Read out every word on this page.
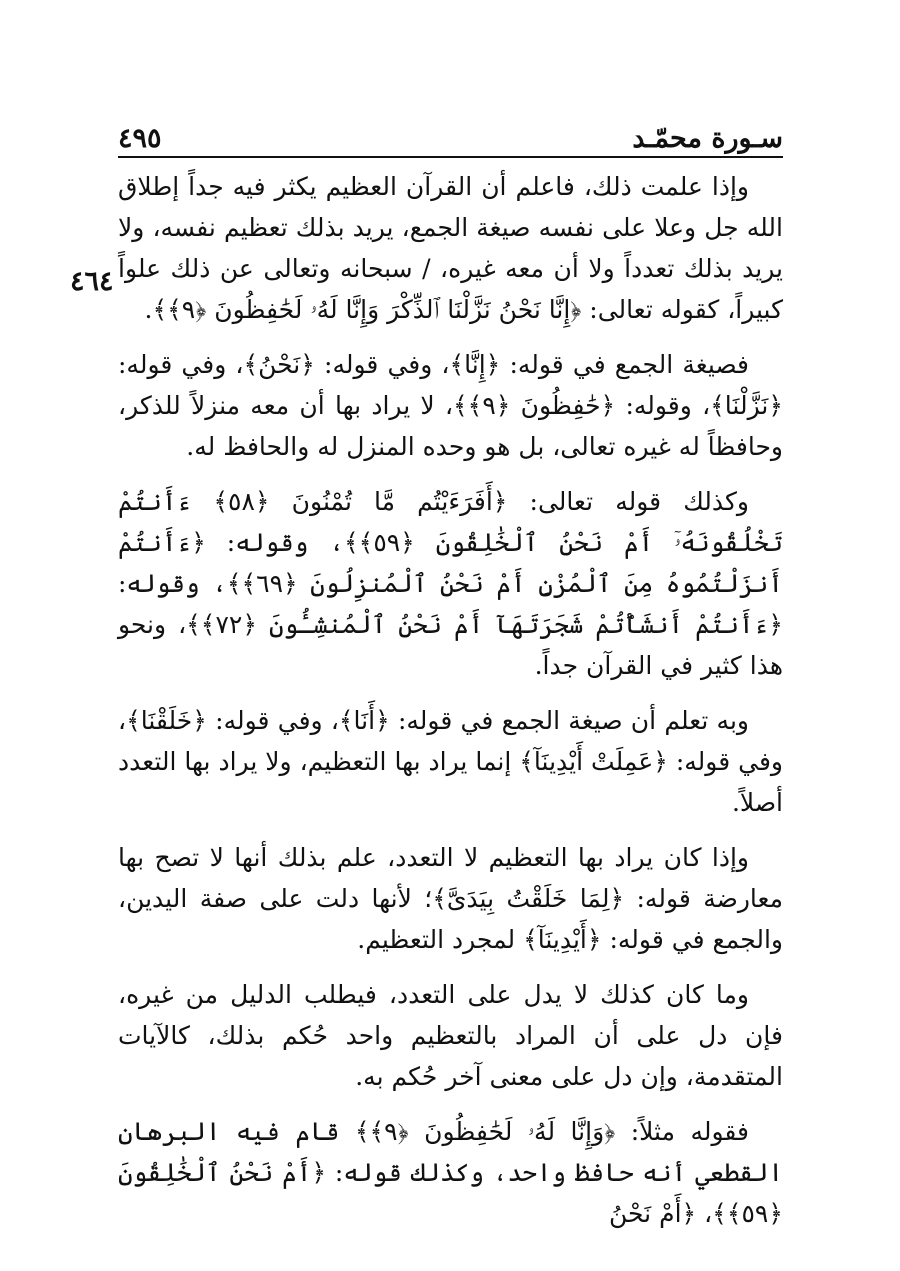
سـورة محمّـد
٤٩٥
٤٦٤

وإذا علمت ذلك، فاعلم أن القرآن العظيم يكثر فيه جداً إطلاق الله جل وعلا على نفسه صيغة الجمع، يريد بذلك تعظيم نفسه، ولا يريد بذلك تعدداً ولا أن معه غيره، / سبحانه وتعالى عن ذلك علواً كبيراً، كقوله تعالى: ﴿إِنَّا نَحْنُ نَزَّلْنَا ٱلذِّكْرَ وَإِنَّا لَهُۥ لَحَٰفِظُونَ ﴿٩﴾﴾.

فصيغة الجمع في قوله: ﴿إِنَّا﴾، وفي قوله: ﴿نَحْنُ﴾، وفي قوله: ﴿نَزَّلْنَا﴾، وقوله: ﴿حَٰفِظُونَ ﴿٩﴾﴾، لا يراد بها أن معه منزلاً للذكر، وحافظاً له غيره تعالى، بل هو وحده المنزل له والحافظ له.

وكذلك قوله تعالى: ﴿أَفَرَءَيْتُم مَّا تُمْنُونَ ﴿٥٨﴾ ءَأَنتُمْ تَخْلُقُونَهُۥٓ أَمْ نَحْنُ ٱلْخَٰلِقُونَ ﴿٥٩﴾﴾، وقوله: ﴿ءَأَنتُمْ أَنزَلْتُمُوهُ مِنَ ٱلْمُزْنِ أَمْ نَحْنُ ٱلْمُنزِلُونَ ﴿٦٩﴾﴾، وقوله: ﴿ءَأَنتُمْ أَنشَأْتُمْ شَجَرَتَهَآ أَمْ نَحْنُ ٱلْمُنشِـُٔونَ ﴿٧٢﴾﴾، ونحو هذا كثير في القرآن جداً.

وبه تعلم أن صيغة الجمع في قوله: ﴿أَنَا﴾، وفي قوله: ﴿خَلَقْنَا﴾، وفي قوله: ﴿عَمِلَتْ أَيْدِينَآ﴾ إنما يراد بها التعظيم، ولا يراد بها التعدد أصلاً.

وإذا كان يراد بها التعظيم لا التعدد، علم بذلك أنها لا تصح بها معارضة قوله: ﴿لِمَا خَلَقْتُ بِيَدَىَّ﴾؛ لأنها دلت على صفة اليدين، والجمع في قوله: ﴿أَيْدِينَآ﴾ لمجرد التعظيم.

وما كان كذلك لا يدل على التعدد، فيطلب الدليل من غيره، فإن دل على أن المراد بالتعظيم واحد حُكم بذلك، كالآيات المتقدمة، وإن دل على معنى آخر حُكم به.

فقوله مثلاً: ﴿وَإِنَّا لَهُۥ لَحَٰفِظُونَ ﴿٩﴾﴾ قام فيه البرهان القطعي أنه حافظ واحد، وكذلك قوله: ﴿أَمْ نَحْنُ ٱلْخَٰلِقُونَ ﴿٥٩﴾﴾، ﴿أَمْ نَحْنُ
